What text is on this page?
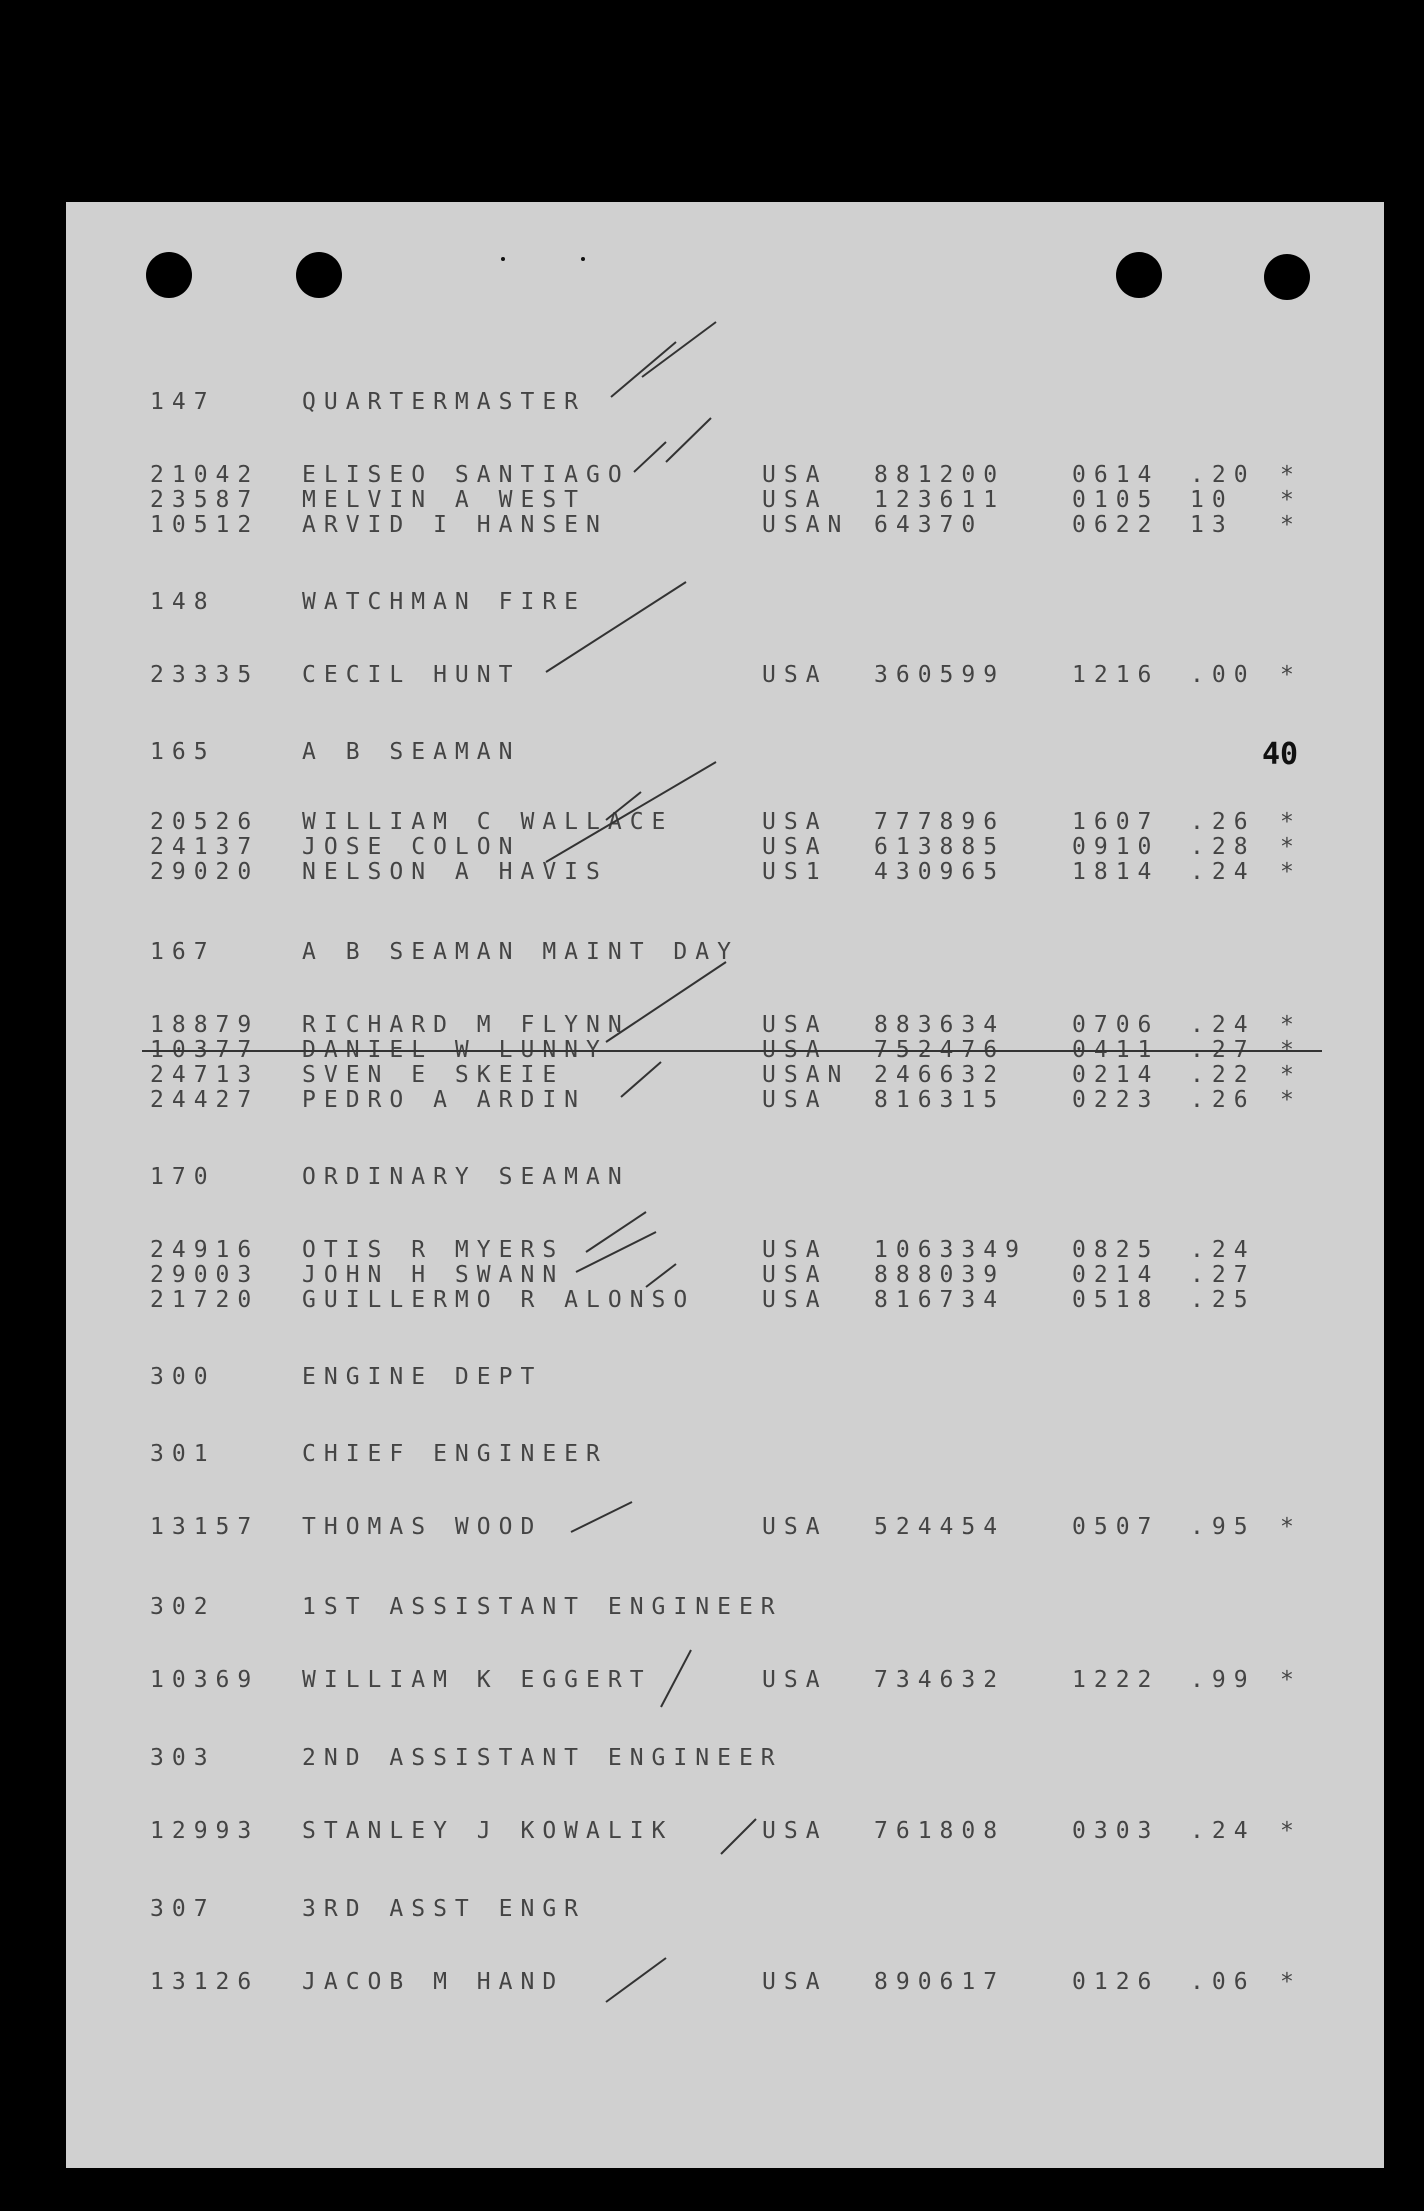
147	QUARTERMASTER
21042 ELISEO SANTIAGO	USA 881200	0614 .20 *
23587 MELVIN A WEST	USA 123611	0105 10 *
10512 ARVID I HANSEN	USAN 64370	0622 13 *
148	WATCHMAN FIRE
23335 CECIL HUNT	USA 360599	1216 .00 *
165	A B SEAMAN
20526 WILLIAM C WALLACE	USA 777896	1607 .26 *
24137 JOSE COLON	USA 613885	0910 .28 *
29020 NELSON A HAVIS	US1 430965	1814 .24 *
167	A B SEAMAN MAINT DAY
18879 RICHARD M FLYNN	USA 883634	0706 .24 *
10377 DANIEL W LUNNY	USA 752476	0411 .27 *
24713 SVEN E SKEIE	USAN 246632	0214 .22 *
24427 PEDRO A ARDIN	USA 816315	0223 .26 *
170	ORDINARY SEAMAN
24916 OTIS R MYERS	USA 1063349 0825 .24
29003 JOHN H SWANN	USA 888039	0214 .27
21720 GUILLERMO R ALONSO	USA 816734	0518 .25
300	ENGINE DEPT
301	CHIEF ENGINEER
13157 THOMAS WOOD	USA 524454	0507 .95 *
302	1ST ASSISTANT ENGINEER
10369 WILLIAM K EGGERT	USA 734632	1222 .99 *
303	2ND ASSISTANT ENGINEER
12993 STANLEY J KOWALIK	USA 761808	0303 .24 *
307	3RD ASST ENGR
13126 JACOB M HAND	USA 890617	0126 .06 *
40
